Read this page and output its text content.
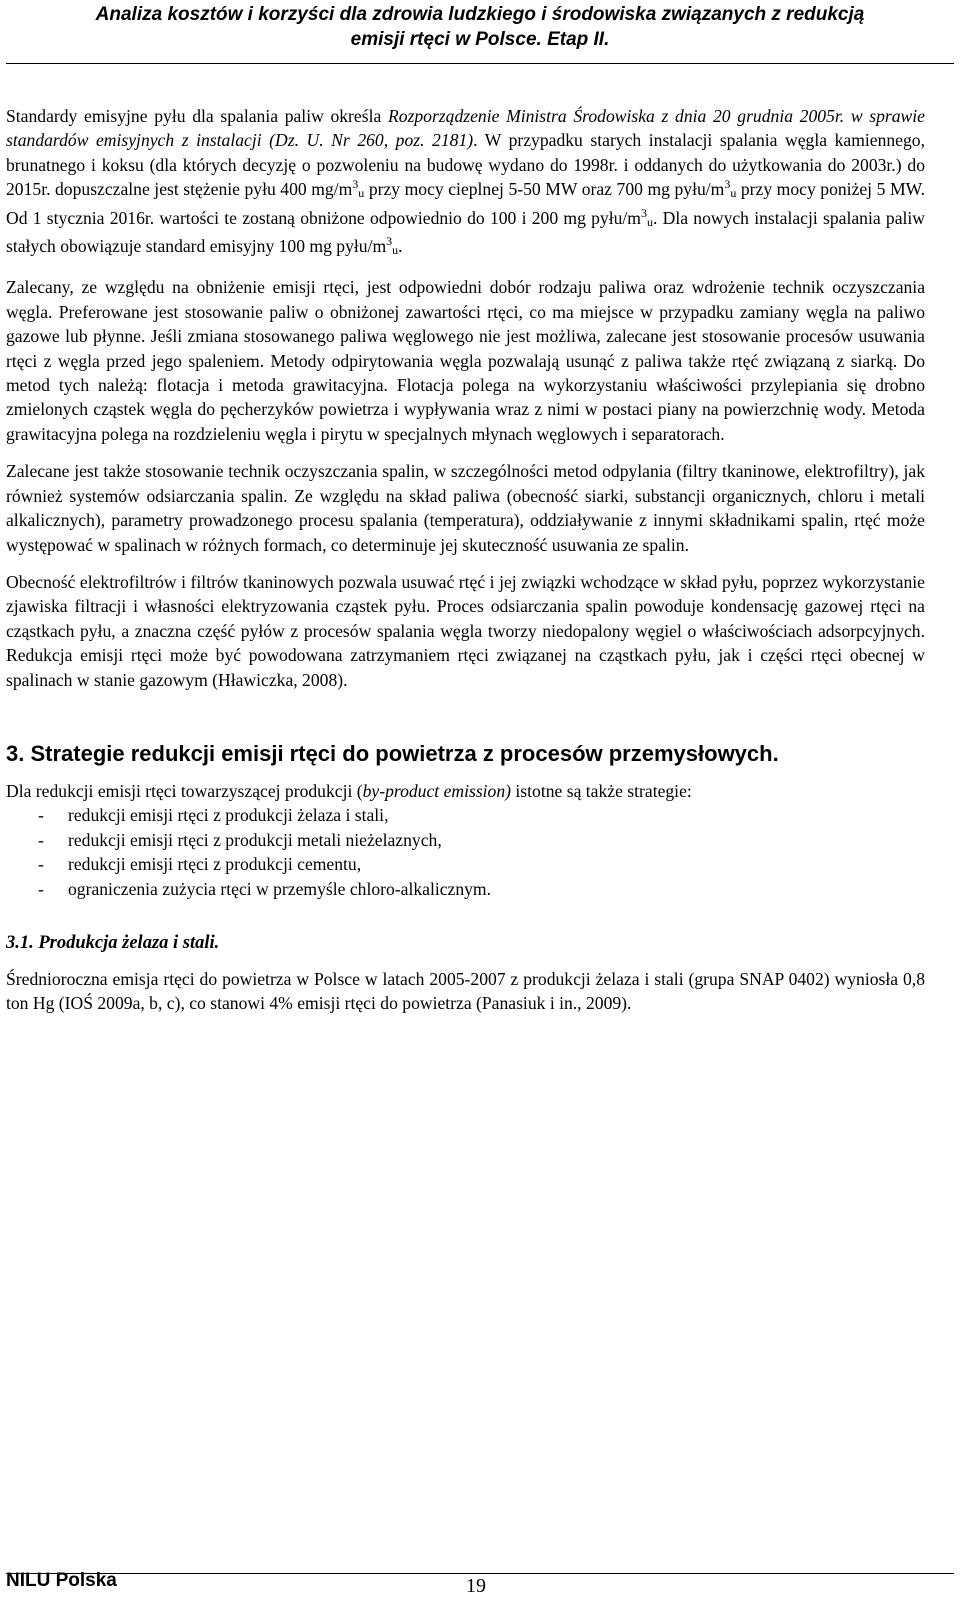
Analiza kosztów i korzyści dla zdrowia ludzkiego i środowiska związanych z redukcją
emisji rtęci w Polsce. Etap II.

Standardy emisyjne pyłu dla spalania paliw określa Rozporządzenie Ministra Środowiska z dnia 20 grudnia 2005r. w sprawie standardów emisyjnych z instalacji (Dz. U. Nr 260, poz. 2181). W przypadku starych instalacji spalania węgla kamiennego, brunatnego i koksu (dla których decyzję o pozwoleniu na budowę wydano do 1998r. i oddanych do użytkowania do 2003r.) do 2015r. dopuszczalne jest stężenie pyłu 400 $mg/m^3u$ przy mocy cieplnej 5-50 MW oraz 700 mg pyłu/$m^3u$ przy mocy poniżej 5 MW. Od 1 stycznia 2016r. wartości te zostaną obniżone odpowiednio do 100 i 200 mg pyłu/$m^3u$. Dla nowych instalacji spalania paliw stałych obowiązuje standard emisyjny 100 mg pyłu/$m^3u$.

Zalecany, ze względu na obniżenie emisji rtęci, jest odpowiedni dobór rodzaju paliwa oraz wdrożenie technik oczyszczania węgla. Preferowane jest stosowanie paliw o obniżonej zawartości rtęci, co ma miejsce w przypadku zamiany węgla na paliwo gazowe lub płynne. Jeśli zmiana stosowanego paliwa węglowego nie jest możliwa, zalecane jest stosowanie procesów usuwania rtęci z węgla przed jego spaleniem. Metody odpirytowania węgla pozwalają usunąć z paliwa także rtęć związaną z siarką. Do metod tych należą: flotacja i metoda grawitacyjna. Flotacja polega na wykorzystaniu właściwości przylepiania się drobno zmielonych cząstek węgla do pęcherzyków powietrza i wypływania wraz z nimi w postaci piany na powierzchnię wody. Metoda grawitacyjna polega na rozdzieleniu węgla i pirytu w specjalnych młynach węglowych i separatorach.

Zalecane jest także stosowanie technik oczyszczania spalin, w szczególności metod odpylania (filtry tkaninowe, elektrofiltry), jak również systemów odsiarczania spalin. Ze względu na skład paliwa (obecność siarki, substancji organicznych, chloru i metali alkalicznych), parametry prowadzonego procesu spalania (temperatura), oddziaływanie z innymi składnikami spalin, rtęć może występować w spalinach w różnych formach, co determinuje jej skuteczność usuwania ze spalin.

Obecność elektrofiltrów i filtrów tkaninowych pozwala usuwać rtęć i jej związki wchodzące w skład pyłu, poprzez wykorzystanie zjawiska filtracji i własności elektryzowania cząstek pyłu. Proces odsiarczania spalin powoduje kondensację gazowej rtęci na cząstkach pyłu, a znaczna część pyłów z procesów spalania węgla tworzy niedopalony węgiel o właściwościach adsorpcyjnych. Redukcja emisji rtęci może być powodowana zatrzymaniem rtęci związanej na cząstkach pyłu, jak i części rtęci obecnej w spalinach w stanie gazowym (Hławiczka, 2008).

3. Strategie redukcji emisji rtęci do powietrza z procesów przemysłowych.

Dla redukcji emisji rtęci towarzyszącej produkcji (by-product emission) istotne są także strategie:

- redukcji emisji rtęci z produkcji żelaza i stali,
- redukcji emisji rtęci z produkcji metali nieżelaznych,
- redukcji emisji rtęci z produkcji cementu,
- ograniczenia zużycia rtęci w przemyśle chloro-alkalicznym.
3.1. Produkcja żelaza i stali.

Średnioroczna emisja rtęci do powietrza w Polsce w latach 2005-2007 z produkcji żelaza i stali (grupa SNAP 0402) wyniosła 0,8 ton Hg (IOŚ 2009a, b, c), co stanowi 4% emisji rtęci do powietrza (Panasiuk i in., 2009).

NILU Polska	19
